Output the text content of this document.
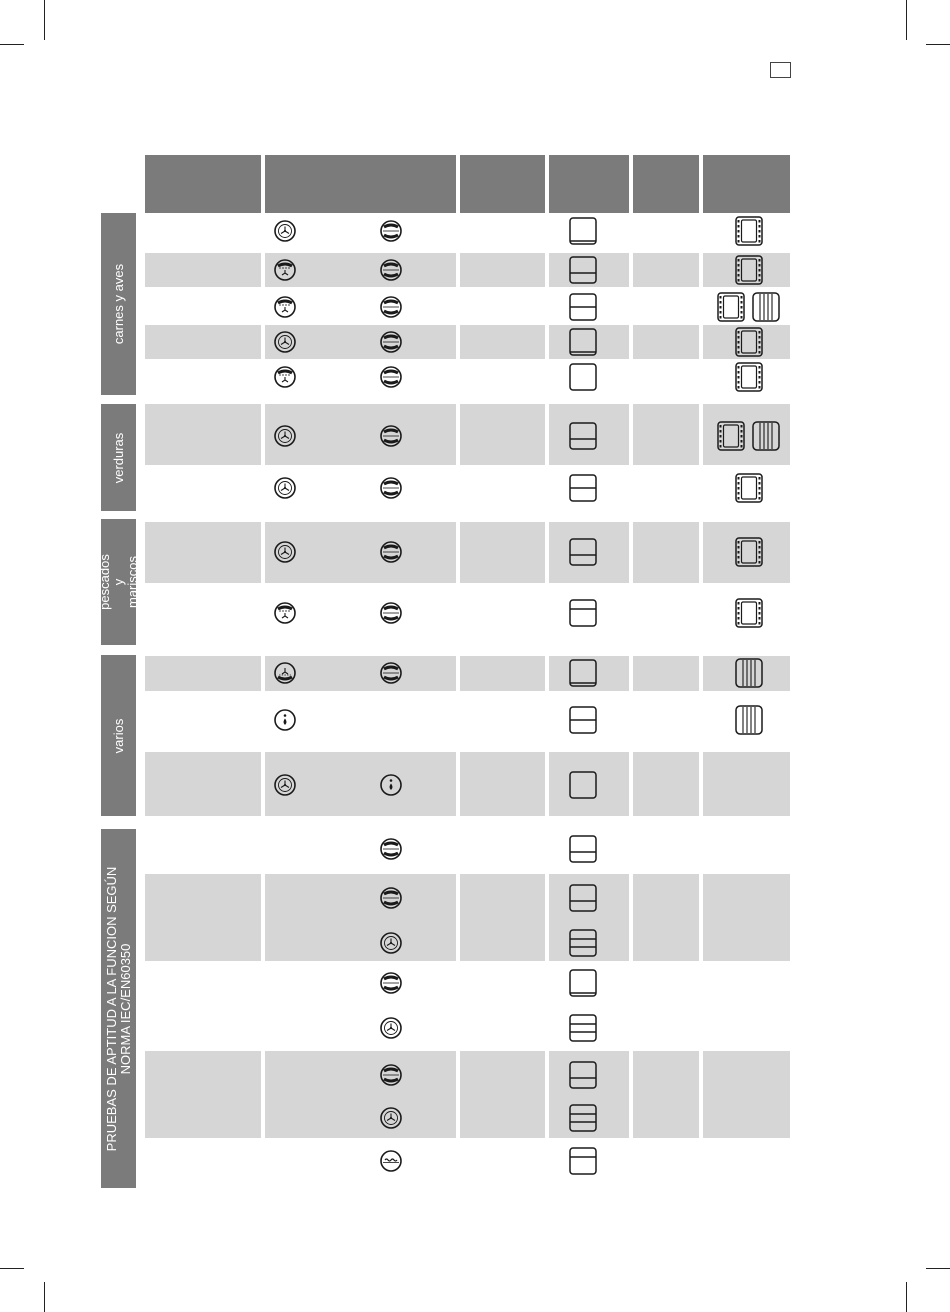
carnes y aves
verduras
pescados y mariscos
varios
PRUEBAS DE APTITUD A LA FUNCION SEGÚN NORMA IEC/EN60350
